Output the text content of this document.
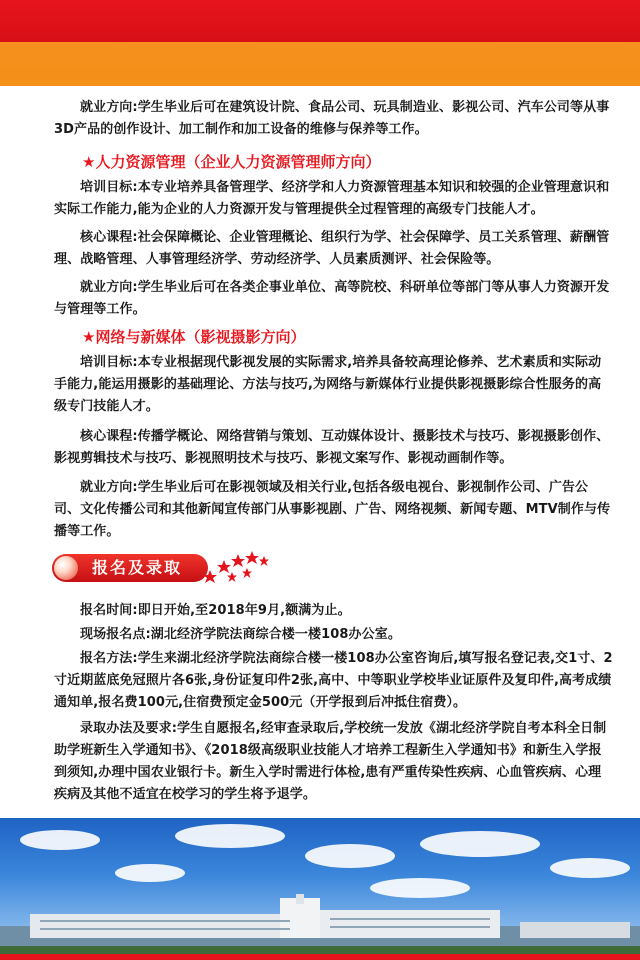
就业方向:学生毕业后可在建筑设计院、食品公司、玩具制造业、影视公司、汽车公司等从事3D产品的创作设计、加工制作和加工设备的维修与保养等工作。
★人力资源管理（企业人力资源管理师方向）
培训目标:本专业培养具备管理学、经济学和人力资源管理基本知识和较强的企业管理意识和实际工作能力,能为企业的人力资源开发与管理提供全过程管理的高级专门技能人才。
核心课程:社会保障概论、企业管理概论、组织行为学、社会保障学、员工关系管理、薪酬管理、战略管理、人事管理经济学、劳动经济学、人员素质测评、社会保险等。
就业方向:学生毕业后可在各类企事业单位、高等院校、科研单位等部门等从事人力资源开发与管理等工作。
★网络与新媒体（影视摄影方向）
培训目标:本专业根据现代影视发展的实际需求,培养具备较高理论修养、艺术素质和实际动手能力,能运用摄影的基础理论、方法与技巧,为网络与新媒体行业提供影视摄影综合性服务的高级专门技能人才。
核心课程:传播学概论、网络营销与策划、互动媒体设计、摄影技术与技巧、影视摄影创作、影视剪辑技术与技巧、影视照明技术与技巧、影视文案写作、影视动画制作等。
就业方向:学生毕业后可在影视领域及相关行业,包括各级电视台、影视制作公司、广告公司、文化传播公司和其他新闻宣传部门从事影视剧、广告、网络视频、新闻专题、MTV制作与传播等工作。
报名及录取
报名时间:即日开始,至2018年9月,额满为止。
现场报名点:湖北经济学院法商综合楼一楼108办公室。
报名方法:学生来湖北经济学院法商综合楼一楼108办公室咨询后,填写报名登记表,交1寸、2寸近期蓝底免冠照片各6张,身份证复印件2张,高中、中等职业学校毕业证原件及复印件,高考成绩通知单,报名费100元,住宿费预定金500元（开学报到后冲抵住宿费）。
录取办法及要求:学生自愿报名,经审查录取后,学校统一发放《湖北经济学院自考本科全日制助学班新生入学通知书》、《2018级高级职业技能人才培养工程新生入学通知书》和新生入学报到须知,办理中国农业银行卡。新生入学时需进行体检,患有严重传染性疾病、心血管疾病、心理疾病及其他不适宜在校学习的学生将予退学。
